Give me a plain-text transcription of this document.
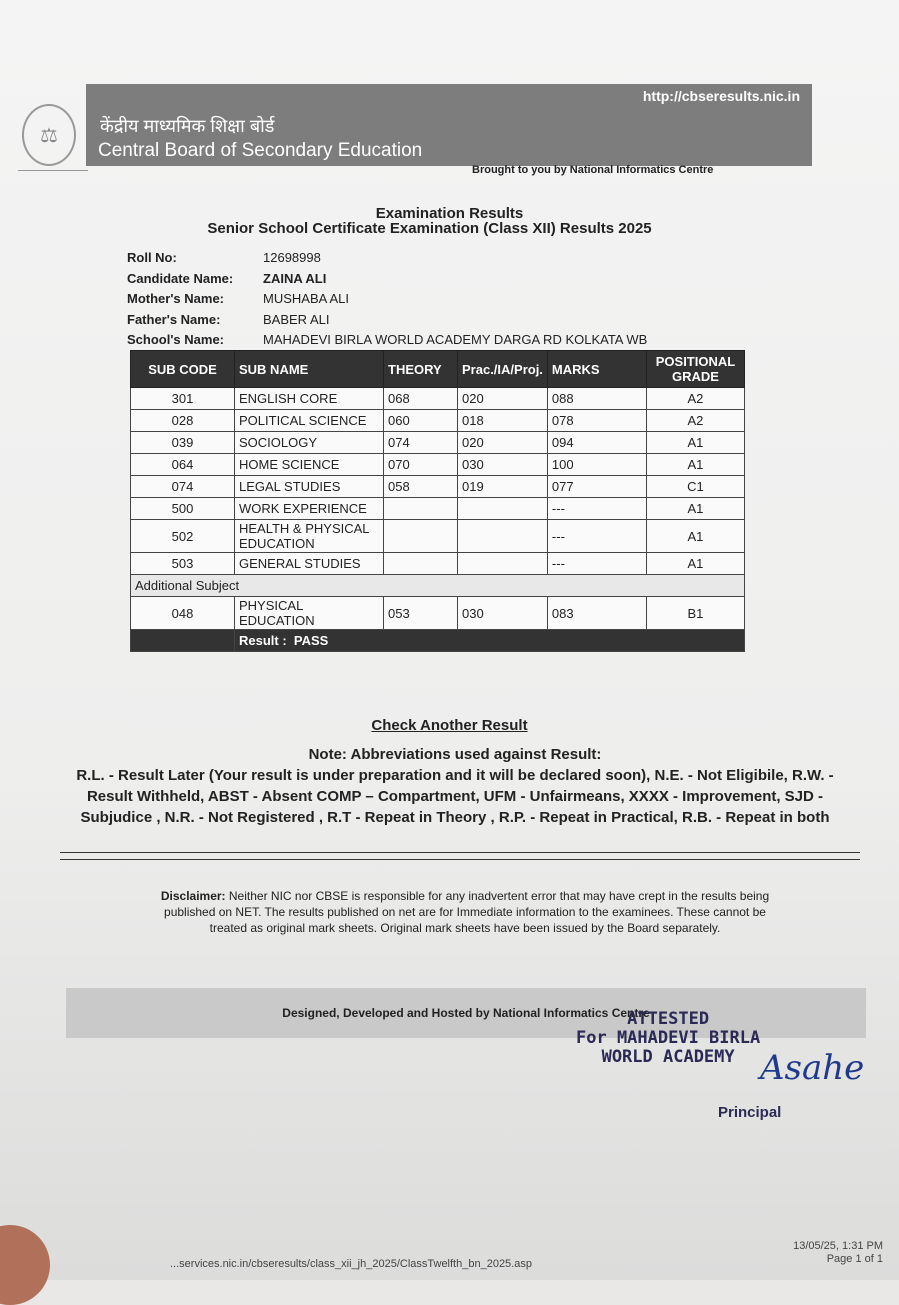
⚖
http://cbseresults.nic.in
केंद्रीय माध्यमिक शिक्षा बोर्ड
Central Board of Secondary Education
Brought to you by National Informatics Centre
Examination Results
Senior School Certificate Examination (Class XII) Results 2025
Roll No:	12698998
Candidate Name:	ZAINA ALI
Mother's Name:	MUSHABA ALI
Father's Name:	BABER ALI
School's Name:	MAHADEVI BIRLA WORLD ACADEMY DARGA RD KOLKATA WB
SUB CODE	SUB NAME	THEORY	Prac./IA/Proj.	MARKS	POSITIONAL GRADE
301	ENGLISH CORE	068	020	088	A2
028	POLITICAL SCIENCE	060	018	078	A2
039	SOCIOLOGY	074	020	094	A1
064	HOME SCIENCE	070	030	100	A1
074	LEGAL STUDIES	058	019	077	C1
500	WORK EXPERIENCE			---	A1
502	HEALTH & PHYSICAL EDUCATION			---	A1
503	GENERAL STUDIES			---	A1
Additional Subject					
048	PHYSICAL EDUCATION	053	030	083	B1
	Result : PASS				
Check Another Result
Note: Abbreviations used against Result:
R.L. - Result Later (Your result is under preparation and it will be declared soon), N.E. - Not Eligibile, R.W. - Result Withheld, ABST - Absent COMP – Compartment, UFM - Unfairmeans, XXXX - Improvement, SJD - Subjudice , N.R. - Not Registered , R.T - Repeat in Theory , R.P. - Repeat in Practical, R.B. - Repeat in both
Disclaimer: Neither NIC nor CBSE is responsible for any inadvertent error that may have crept in the results being published on NET. The results published on net are for Immediate information to the examinees. These cannot be treated as original mark sheets. Original mark sheets have been issued by the Board separately.
Designed, Developed and Hosted by National Informatics Centre
ATTESTED
For MAHADEVI BIRLA
WORLD ACADEMY Asahe
Principal
...services.nic.in/cbseresults/class_xii_jh_2025/ClassTwelfth_bn_2025.asp
13/05/25, 1:31 PM
Page 1 of 1
